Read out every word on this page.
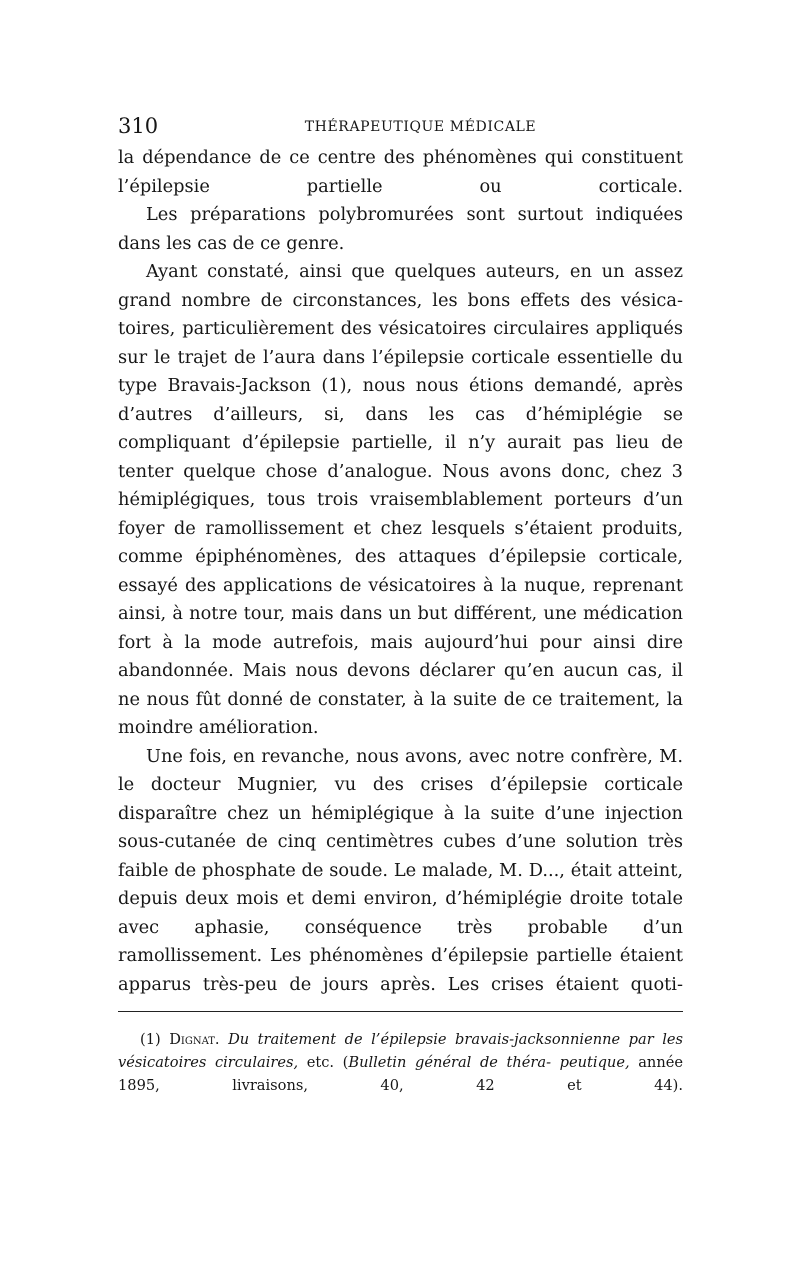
310	THÉRAPEUTIQUE MÉDICALE

la dépendance de ce centre des phénomènes qui constituent l’épilepsie partielle ou corticale.

Les préparations polybromurées sont surtout indiquées dans les cas de ce genre.

Ayant constaté, ainsi que quelques auteurs, en un assez grand nombre de circonstances, les bons effets des vésica- toires, particulièrement des vésicatoires circulaires appliqués sur le trajet de l’aura dans l’épilepsie corticale essentielle du type Bravais-Jackson (1), nous nous étions demandé, après d’autres d’ailleurs, si, dans les cas d’hémiplégie se compliquant d’épilepsie partielle, il n’y aurait pas lieu de tenter quelque chose d’analogue. Nous avons donc, chez 3 hémiplégiques, tous trois vraisemblablement porteurs d’un foyer de ramollissement et chez lesquels s’étaient produits, comme épiphénomènes, des attaques d’épilepsie corticale, essayé des applications de vésicatoires à la nuque, reprenant ainsi, à notre tour, mais dans un but différent, une médication fort à la mode autrefois, mais aujourd’hui pour ainsi dire abandonnée. Mais nous devons déclarer qu’en aucun cas, il ne nous fût donné de constater, à la suite de ce traitement, la moindre amélioration.

Une fois, en revanche, nous avons, avec notre confrère, M. le docteur Mugnier, vu des crises d’épilepsie corticale disparaître chez un hémiplégique à la suite d’une injection sous-cutanée de cinq centimètres cubes d’une solution très faible de phosphate de soude. Le malade, M. D..., était atteint, depuis deux mois et demi environ, d’hémiplégie droite totale avec aphasie, conséquence très probable d’un ramollissement. Les phénomènes d’épilepsie partielle étaient apparus très-peu de jours après. Les crises étaient quoti-

(1) Dignat. Du traitement de l’épilepsie bravais-jacksonnienne par les vésicatoires circulaires, etc. (Bulletin général de théra- peutique, année 1895, livraisons, 40, 42 et 44).
